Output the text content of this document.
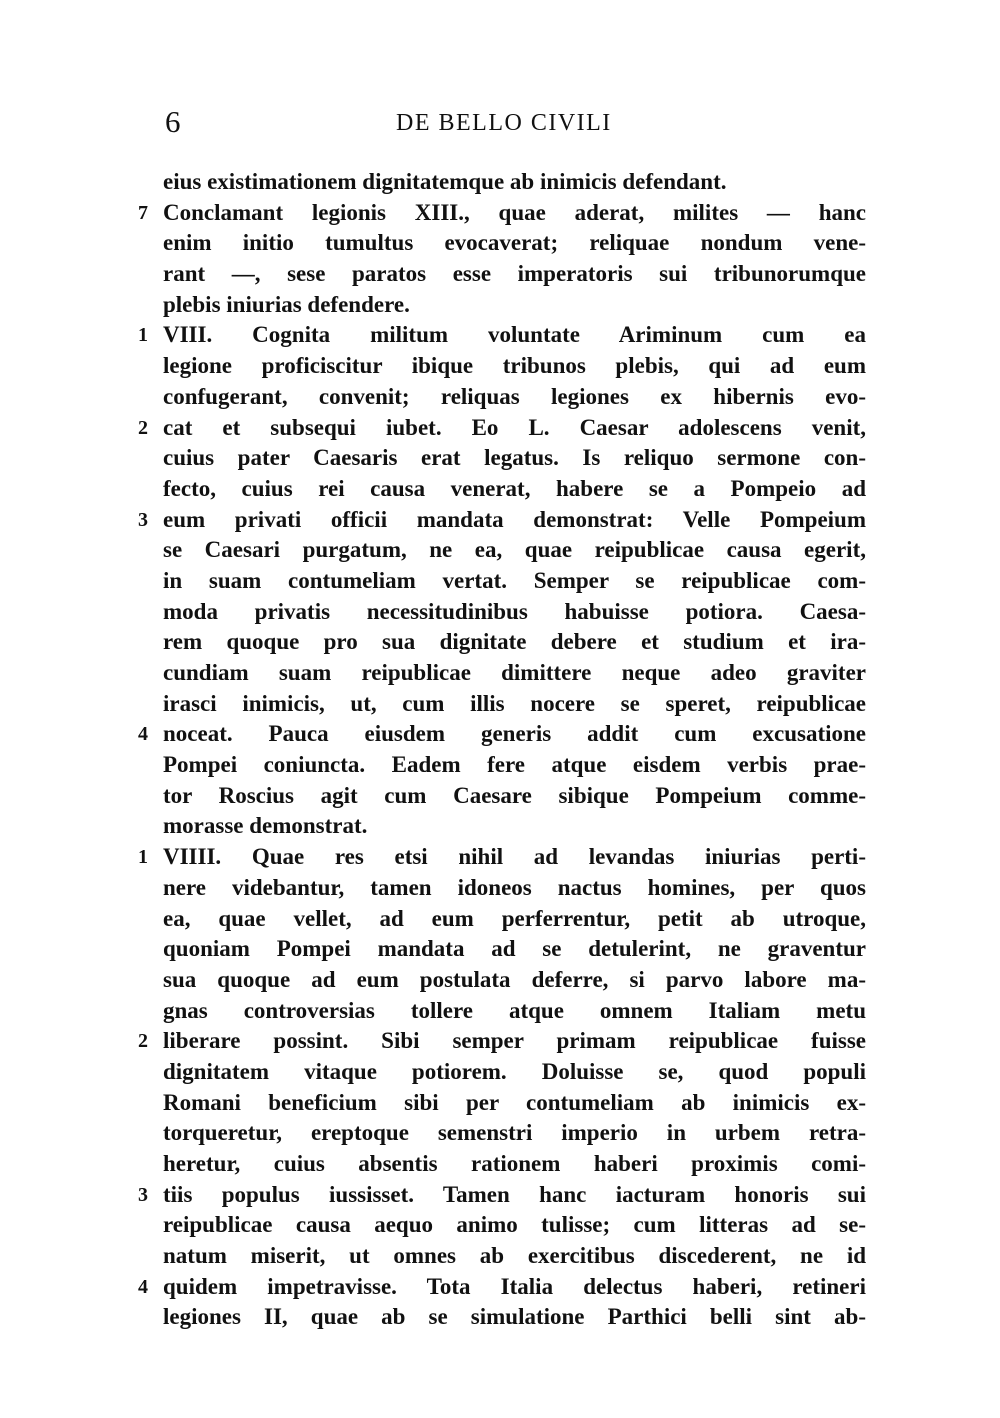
6	DE BELLO CIVILI
eius existimationem dignitatemque ab inimicis defendant.
7 Conclamant legionis XIII., quae aderat, milites — hanc
enim initio tumultus evocaverat; reliquae nondum vene-
rant —, sese paratos esse imperatoris sui tribunorumque
plebis iniurias defendere.
1 VIII. Cognita militum voluntate Ariminum cum ea
legione proficiscitur ibique tribunos plebis, qui ad eum
confugerant, convenit; reliquas legiones ex hibernis evo-
2 cat et subsequi iubet. Eo L. Caesar adolescens venit,
cuius pater Caesaris erat legatus. Is reliquo sermone con-
fecto, cuius rei causa venerat, habere se a Pompeio ad
3 eum privati officii mandata demonstrat: Velle Pompeium
se Caesari purgatum, ne ea, quae reipublicae causa egerit,
in suam contumeliam vertat. Semper se reipublicae com-
moda privatis necessitudinibus habuisse potiora. Caesa-
rem quoque pro sua dignitate debere et studium et ira-
cundiam suam reipublicae dimittere neque adeo graviter
irasci inimicis, ut, cum illis nocere se speret, reipublicae
4 noceat. Pauca eiusdem generis addit cum excusatione
Pompei coniuncta. Eadem fere atque eisdem verbis prae-
tor Roscius agit cum Caesare sibique Pompeium comme-
morasse demonstrat.
1 VIIII. Quae res etsi nihil ad levandas iniurias perti-
nere videbantur, tamen idoneos nactus homines, per quos
ea, quae vellet, ad eum perferrentur, petit ab utroque,
quoniam Pompei mandata ad se detulerint, ne graventur
sua quoque ad eum postulata deferre, si parvo labore ma-
gnas controversias tollere atque omnem Italiam metu
2 liberare possint. Sibi semper primam reipublicae fuisse
dignitatem vitaque potiorem. Doluisse se, quod populi
Romani beneficium sibi per contumeliam ab inimicis ex-
torqueretur, ereptoque semenstri imperio in urbem retra-
heretur, cuius absentis rationem haberi proximis comi-
3 tiis populus iussisset. Tamen hanc iacturam honoris sui
reipublicae causa aequo animo tulisse; cum litteras ad se-
natum miserit, ut omnes ab exercitibus discederent, ne id
4 quidem impetravisse. Tota Italia delectus haberi, retineri
legiones II, quae ab se simulatione Parthici belli sint ab-
